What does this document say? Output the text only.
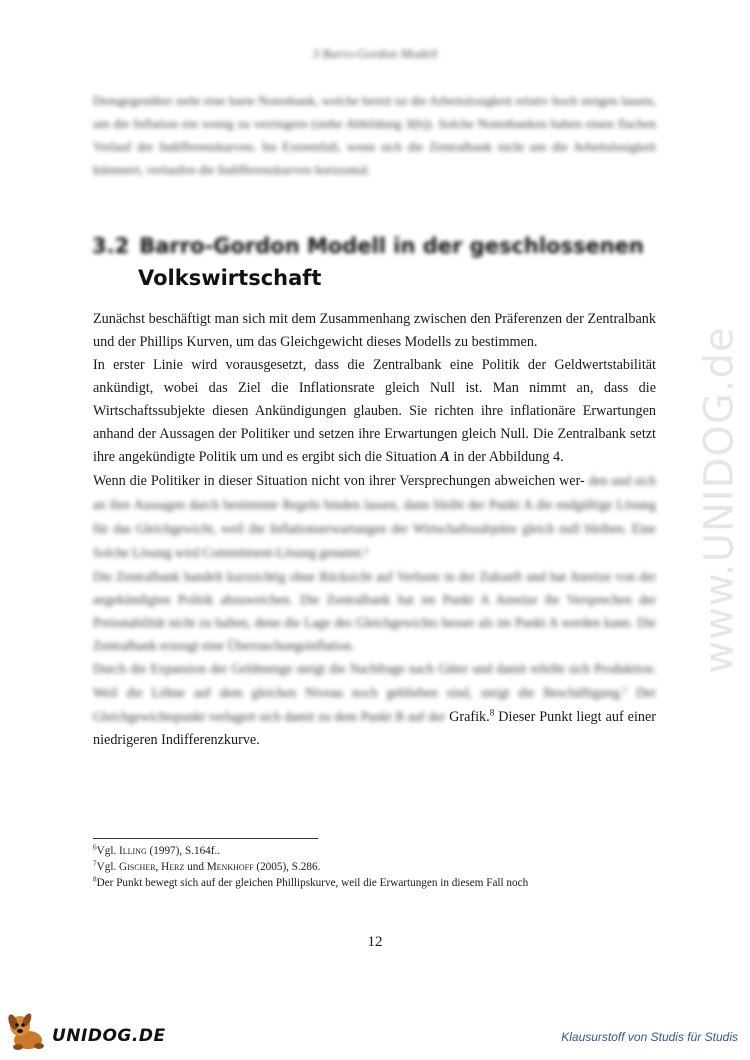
3 Barro-Gordon Modell

Demgegenüber steht eine harte Notenbank, welche bereit ist die Arbeitslosigkeit relativ hoch steigen lassen, um die Inflation ein wenig zu verringern (siehe Abbildung 3(b)). Solche Notenbanken haben einen flachen Verlauf der Indifferenzkurven. Im Extremfall, wenn sich die Zentralbank nicht um die Arbeitslosigkeit kümmert, verlaufen die Indifferenzkurven horizontal.

3.2 Barro-Gordon Modell in der geschlossenen
Volkswirtschaft

Zunächst beschäftigt man sich mit dem Zusammenhang zwischen den Präferenzen der Zentralbank und der Phillips Kurven, um das Gleichgewicht dieses Modells zu bestimmen.

In erster Linie wird vorausgesetzt, dass die Zentralbank eine Politik der Geldwertstabilität ankündigt, wobei das Ziel die Inflationsrate gleich Null ist. Man nimmt an, dass die Wirtschaftssubjekte diesen Ankündigungen glauben. Sie richten ihre inflationäre Erwartungen anhand der Aussagen der Politiker und setzen ihre Erwartungen gleich Null. Die Zentralbank setzt ihre angekündigte Politik um und es ergibt sich die Situation A in der Abbildung 4.

Wenn die Politiker in dieser Situation nicht von ihrer Versprechungen abweichen wer- den und sich an ihre Aussagen durch bestimmte Regeln binden lassen, dann bleibt der Punkt A die endgültige Lösung für das Gleichgewicht, weil die Inflationserwartungen der Wirtschaftssubjekte gleich null bleiben. Eine Solche Lösung wird Commitment-Lösung genannt.⁶

Die Zentralbank handelt kurzsichtig ohne Rücksicht auf Verluste in der Zukunft und hat Anreize von der angekündigten Politik abzuweichen. Die Zentralbank hat im Punkt A Anreize ihr Versprechen der Preisstabilität nicht zu halten, denn die Lage des Gleichgewichts besser als im Punkt A werden kann. Die Zentralbank erzeugt eine Überraschungsinflation.

Durch die Expansion der Geldmenge steigt die Nachfrage nach Güter und damit erhöht sich Produktion. Weil die Löhne auf dem gleichen Niveau noch geblieben sind, steigt die Beschäftigung.⁷ Der Gleichgewichtspunkt verlagert sich damit zu dem Punkt B auf der Grafik.$^8$ Dieser Punkt liegt auf einer niedrigeren Indifferenzkurve.

$^6$Vgl. Illing (1997), S.164f..
$^7$Vgl. Gischer, Herz und Menkhoff (2005), S.286.
$^8$Der Punkt bewegt sich auf der gleichen Phillipskurve, weil die Erwartungen in diesem Fall noch
12
www.UNIDOG.de
UNIDOG.DE	Klausurstoff von Studis für Studis
